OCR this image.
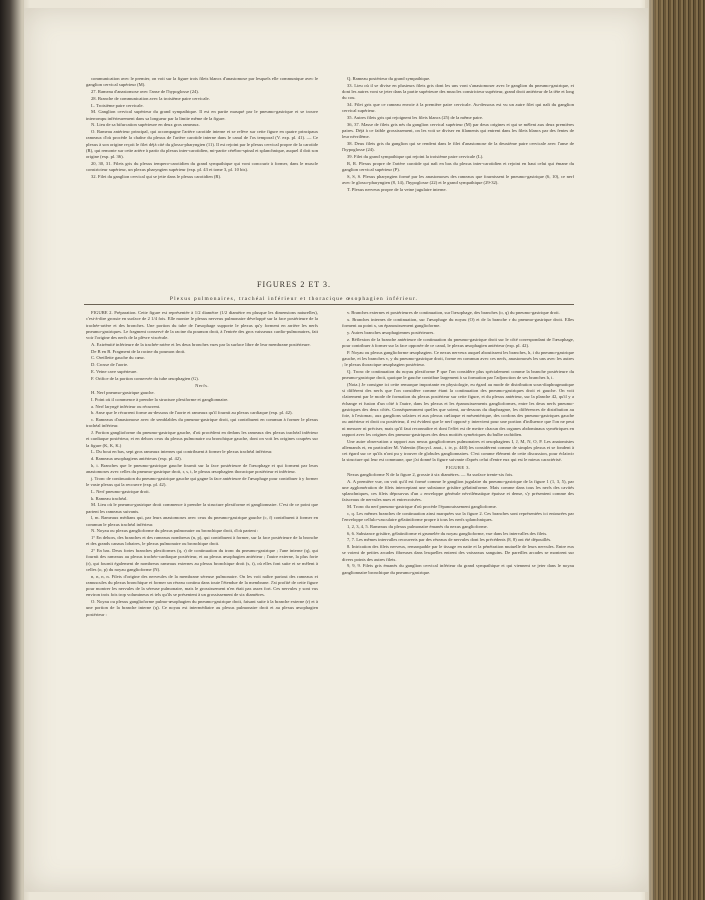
communication avec le premier, on voit sur la figure trois filets blancs d'anastomose par lesquels elle communique avec le ganglion cervical supérieur (M).

27. Rameau d'anastomose avec l'anse de l'hypoglosse (24).

28. Branche de communication avec la troisième paire cervicale.

L. Troisième paire cervicale.

M. Ganglion cervical supérieur du grand sympathique. Il est en partie masqué par le pneumo-gastrique et se trouve interrompu inférieurement dans sa longueur par la limite même de la figure.

N. Lieu de sa bifurcation supérieure en deux gros rameaux.

O. Rameau antérieur principal, qui accompagne l'artère carotide interne et se relève sur cette figure en quatre principaux rameaux d'où procède la chaîne du plexus de l'artère carotide interne dans le canal de l'os temporal (V. exp. pl. 41). — Ce plexus à son origine reçoit le filet déjà cité du glosso-pharyngien (11). Il est rejoint par le plexus cervical propre de la carotide (R), qui remonte sur cette artère à partir du plexus inter-carotidien, mi-partie cérébro-spinal et splanchnique, auquel il doit son origine (exp. pl. 36).

20, 30, 31. Filets gris du plexus tempero-carotidien du grand sympathique qui vont concourir à former, dans le muscle constricteur supérieur, un plexus pharyngien supérieur (exp. pl. 43 et tome 3, pl. 10 bis).

32. Filet du ganglion cervical qui se jette dans le plexus carotidien (R).

Q. Rameau postérieur du grand sympathique.

33. Lieu où il se divise en plusieurs filets gris dont les uns vont s'anastomoser avec le ganglion du pneumo-gastrique, et dont les autres vont se jeter dans la partie supérieure des muscles constricteur supérieur, grand droit antérieur de la tête et long du cou.

34. Filet gris que ce rameau envoie à la première paire cervicale. Au-dessous est vu un autre filet qui naît du ganglion cervical supérieur.

35. Autres filets gris qui rejoignent les filets blancs (25) de la même paire.

36, 37. Masse de filets gris nés du ganglion cervical supérieur (M) par deux origines et qui se mêlent aux deux premières paires. Déjà à ce faible grossissement, on les voit se diviser en filaments qui entrent dans les filets blancs par des fentes de leur névrilème.

38. Deux filets gris du ganglion qui se rendent dans le filet d'anastomose de la deuxième paire cervicale avec l'anse de l'hypoglosse (24).

39. Filet du grand sympathique qui rejoint la troisième paire cervicale (L).

R, R. Plexus propre de l'artère carotide qui naît en bas du plexus inter-carotidien et rejoint en haut celui qui émane du ganglion cervical supérieur (P).

S, S, S. Plexus pharyngien formé par les anastomoses des rameaux que fournissent le pneumo-gastrique (6, 10), ce nerf avec le glosso-pharyngien (8, 14), l'hypoglosse (22) et le grand sympathique (29-32).

T. Plexus nerveux propre de la veine jugulaire interne.

FIGURES 2 ET 3.
Plexus pulmonaires, trachéal inférieur et thoracique œsophagien inférieur.

FIGURE 2. Préparation. Cette figure est représentée à 1/2 diamètre (1/2 diamètre en plusque les dimensions naturelles), c'est-à-dire grossie en surface de 2 1/4 fois. Elle montre le plexus nerveux pulmonaire développé sur la face postérieure de la trachée-artère et des bronches. Une portion du tube de l'œsophage supporte le plexus qu'y forment en arrière les nerfs pneumo-gastriques. Le fragment conservé de la racine du poumon droit, à l'entrée des gros vaisseaux cardio-pulmonaires, fait voir l'origine des nerfs de la plèvre viscérale.

A. Extrémité inférieure de la trachée-artère et les deux bronches vues par la surface libre de leur membrane postérieure.

De B en B. Fragment de la racine du poumon droit.

C. Oreillette gauche du cœur.

D. Crosse de l'aorte.

E. Veine cave supérieure.

F. Orifice de la portion conservée du tube œsophagien (G).

Nerfs.

H. Nerf pneumo-gastrique gauche.

I. Point où il commence à prendre la structure plexiforme et ganglionnaire.

a. Nerf laryngé inférieur ou récurrent.

b. Anse que le récurrent forme au-dessous de l'aorte et rameaux qu'il fournit au plexus cardiaque (exp. pl. 42).

c. Rameaux d'anastomose avec de semblables du pneumo-gastrique droit, qui contribuent en commun à former le plexus trachéal inférieur.

J. Portion ganglioforme du pneumo-gastrique gauche, d'où procèdent en dedans les rameaux des plexus trachéal inférieur et cardiaque postérieur, et en dehors ceux du plexus pulmonaire ou bronchique gauche, dont on voit les origines coupées sur la figure (K, K, K.)

L. Du bout en bas, sept gros rameaux internes qui contribuent à former le plexus trachéal inférieur.

d. Rameaux œsophagiens antérieurs (exp. pl. 42).

h, i. Branches que le pneumo-gastrique gauche fournit sur la face postérieure de l'œsophage et qui forment par leurs anastomoses avec celles du pneumo-gastrique droit, r, s, t, le plexus œsophagien thoracique postérieur et inférieur.

j. Tronc de continuation du pneumo-gastrique gauche qui gagne la face antérieure de l'œsophage pour contribuer à y former le vaste plexus qui la recouvre (exp. pl. 42).

L. Nerf pneumo-gastrique droit.

k. Rameau trachéal.

M. Lieu où le pneumo-gastrique droit commence à prendre la structure plexiforme et ganglionnaire. C'est de ce point que partent les rameaux suivants.

l, m. Rameaux médians qui, par leurs anastomoses avec ceux du pneumo-gastrique gauche (c, f) contribuent à former en commun le plexus trachéal inférieur.

N. Noyau ou plexus ganglioforme du plexus pulmonaire ou bronchique droit, d'où partent :

1° En dehors, des branches et des rameaux nombreux (n, p), qui contribuent à former, sur la face postérieure de la bronche et des grands canaux lobaires, le plexus pulmonaire ou bronchique droit.

2° En bas. Deux fortes branches plexiformes (q, r) de continuation du tronc du pneumo-gastrique ; l'une interne (q), qui fournit des rameaux au plexus trachéo-cardiaque postérieur, et au plexus œsophagien antérieur ; l'autre externe, la plus forte (r), qui fournit également de nombreux rameaux externes au plexus bronchique droit (s, t), où elles font suite et se mêlent à celles (o, p) du noyau ganglioforme (N).

n, n, n, n. Filets d'origine des nerveules de la membrane séreuse pulmonaire. On les voit naître partout des rameaux et ramuscules du plexus bronchique et former un réseau continu dans toute l'étendue de la membrane. J'ai profité de cette figure pour montrer les nervules de la séreuse pulmonaire, mais le grossissement n'en était pas assez fort. Ces nervules y sont vus environ trois fois trop volumineux et tels qu'ils se présentent à un grossissement de six diamètres.

O. Noyau ou plexus ganglioforme pulmo-œsophagien du pneumo-gastrique droit, faisant suite à la branche externe (r) et à une portion de la branche interne (q). Ce noyau est intermédiaire au plexus pulmonaire droit et au plexus œsophagien postérieur :

v. Branches externes et postérieures de continuation, sur l'œsophage, des branches (o, q) du pneumo-gastrique droit.

x. Branches internes de continuation, sur l'œsophage du noyau (O) et de la branche r du pneumo-gastrique droit. Elles forment au point x, un épanouissement ganglioforme.

y. Autres branches œsophagiennes postérieures.

z. Réflexion de la branche antérieure de continuation du pneumo-gastrique droit sur le côté correspondant de l'œsophage, pour contribuer à former sur la face opposée de ce canal, le plexus œsophagien antérieur (exp. pl. 42).

P. Noyau ou plexus ganglioforme œsophagien. Ce nexus nerveux auquel aboutissent les branches, h, i du pneumo-gastrique gauche, et les branches v, y du pneumo-gastrique droit, forme en commun avec ces nerfs, anastomosés les uns avec les autres ; le plexus thoracique œsophagien postérieur.

Q. Tronc de continuation du noyau plexiforme P que l'on considère plus spécialement comme la branche postérieure du pneumo-gastrique droit, quoique le gauche contribue largement à sa formation par l'adjonction de ses branches h, i.

(Nota.) Je consigne ici cette remarque importante en physiologie, eu égard au mode de distribution sous-diaphragmatique si différent des nerfs que l'on considère comme étant la continuation des pneumo-gastriques droit et gauche. On voit clairement par le mode de formation du plexus postérieur sur cette figure, et du plexus antérieur, sur la planche 42, qu'il y a échange et fusion d'un côté à l'autre, dans les plexus et les épanouissements ganglioformes, entre les deux nerfs pneumo-gastriques des deux côtés. Conséquemment quelles que soient, au-dessous du diaphragme, les différences de distribution au foie, à l'estomac, aux ganglions solaires et aux plexus cœliaque et mésentérique, des cordons des pneumo-gastriques gauche ou antérieur et droit ou postérieur, il est évident que le nerf opposé y intervient pour une portion d'influence que l'on ne peut ni mesurer ni préciser, mais qu'il faut reconnaître et dont l'effet est de mettre chacun des organes abdominaux symétriques en rapport avec les origines des pneumo-gastriques des deux moitiés symétriques du bulbe rachidien.

Une autre observation a rapport aux nexus ganglioformes pulmonaires et œsophagiens I, J, M, N, O, P. Les anatomistes allemands et, en particulier M. Valentin (Encycl. anat., t. iv, p. 440) les considèrent comme de simples plexus et se fondent à cet égard sur ce qu'ils n'ont pu y trouver de globules ganglionnaires. C'est comme élément de cette discussion, pour éclaircir la structure qui leur est commune, que j'ai donné la figure suivante d'après celui d'entre eux qui est le mieux caractérisé.

FIGURE 3.

Nexus ganglioforme N de la figure 2, grossie à six diamètres. — Sa surface trente-six fois.

A. A première vue, on voit qu'il est formé comme le ganglion jugulaire du pneumo-gastrique de la figure 1 (1, 3, 5), par une agglomération de filets interceptant une substance grisâtre gélatiniforme. Mais comme dans tous les nerfs des cavités splanchniques, ces filets dépourvus d'un « enveloppe générale névrilématique épaisse et dense, s'y présentent comme des faisceaux de nervules nues et entrecroisées.

M. Tronc du nerf pneumo-gastrique d'où procède l'épanouissement ganglioforme.

c, q. Les mêmes branches de continuation ainsi marquées sur la figure 2. Ces branches sont représentées ici entourées par l'enveloppe cellulo-vasculaire gélatiniforme propre à tous les nerfs splanchniques.

1, 2, 3, 4, 5. Rameaux du plexus pulmonaire émanés du nexus ganglioforme.

6, 6. Substance grisâtre, gélatiniforme et grumelée du noyau ganglioforme, vue dans les intervalles des filets.

7, 7. Les mêmes intervalles recouverts par des réseaux de nervules dont les précédents (8, 8) ont été dépouillés.

8. Intrication des filets nerveux, remarquable par le tissage en natte et la pénétration mutuelle de leurs nervules. Entre eux se voient de petites arcades fibreuses dans lesquelles entrent des vaisseaux sanguins. De pareilles arcades se montrent sur divers points des autres filets.

9, 9, 9. Filets gris émanés du ganglion cervical inférieur du grand sympathique et qui viennent se jeter dans le noyau ganglionnaire bronchique du pneumo-gastrique.
